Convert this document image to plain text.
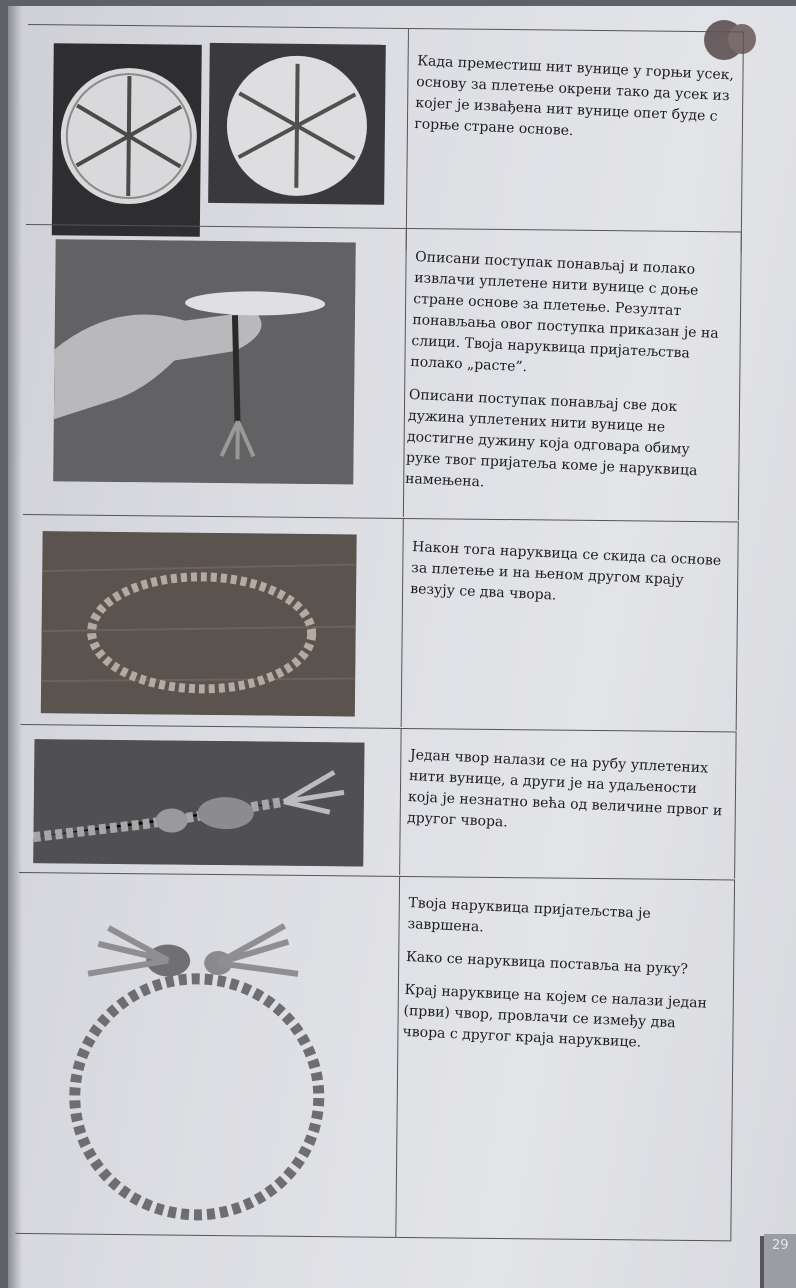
Када преместиш нит вунице у горњи усек, основу за плетење окрени тако да усек из којег је извађена нит вунице опет буде с горње стране основе.

Описани поступак понављај и полако извлачи уплетене нити вунице с доње стране основе за плетење. Резултат понављања овог поступка приказан је на слици. Твоја наруквица пријатељства полако „расте”.

Описани поступак понављај све док дужина уплетених нити вунице не достигне дужину која одговара обиму руке твог пријатеља коме је наруквица намењена.

Након тога наруквица се скида са основе за плетење и на њеном другом крају везују се два чвора.

Један чвор налази се на рубу уплетених нити вунице, а други је на удаљености која је незнатно већа од величине првог и другог чвора.

Твоја наруквица пријатељства је завршена.

Како се наруквица поставља на руку?

Крај наруквице на којем се налази један (први) чвор, провлачи се између два чвора с другог краја наруквице.

29
